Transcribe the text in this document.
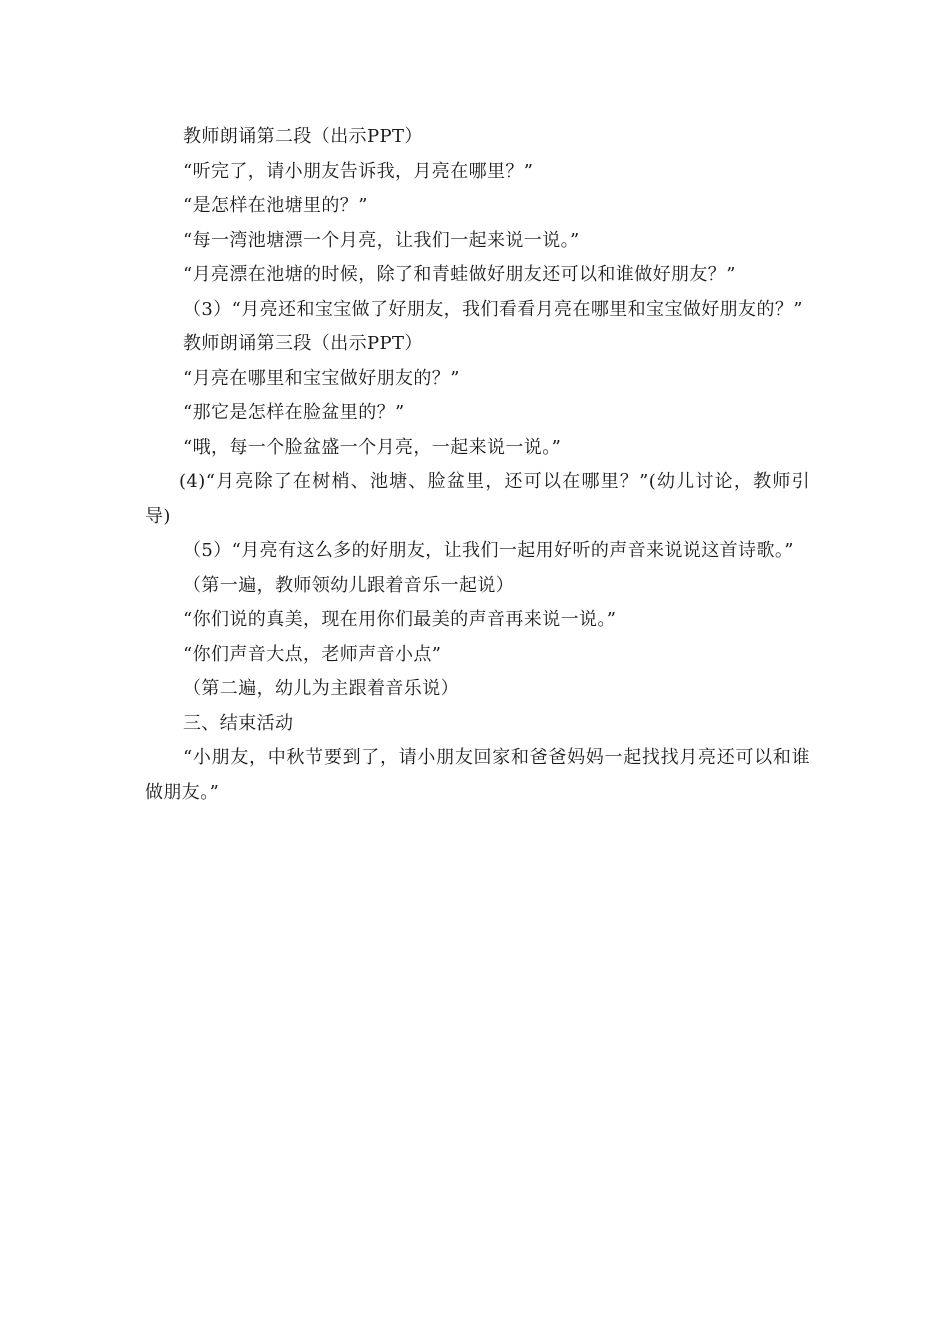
教师朗诵第二段（出示PPT）

“听完了，请小朋友告诉我，月亮在哪里？”

“是怎样在池塘里的？”

“每一湾池塘漂一个月亮，让我们一起来说一说。”

“月亮漂在池塘的时候，除了和青蛙做好朋友还可以和谁做好朋友？”

（3）“月亮还和宝宝做了好朋友，我们看看月亮在哪里和宝宝做好朋友的？”

教师朗诵第三段（出示PPT）

“月亮在哪里和宝宝做好朋友的？”

“那它是怎样在脸盆里的？”

“哦，每一个脸盆盛一个月亮，一起来说一说。”

(4)“月亮除了在树梢、池塘、脸盆里，还可以在哪里？”(幼儿讨论，教师引导)

（5）“月亮有这么多的好朋友，让我们一起用好听的声音来说说这首诗歌。”

（第一遍，教师领幼儿跟着音乐一起说）

“你们说的真美，现在用你们最美的声音再来说一说。”

“你们声音大点，老师声音小点”

（第二遍，幼儿为主跟着音乐说）

三、结束活动

“小朋友，中秋节要到了，请小朋友回家和爸爸妈妈一起找找月亮还可以和谁做朋友。”
